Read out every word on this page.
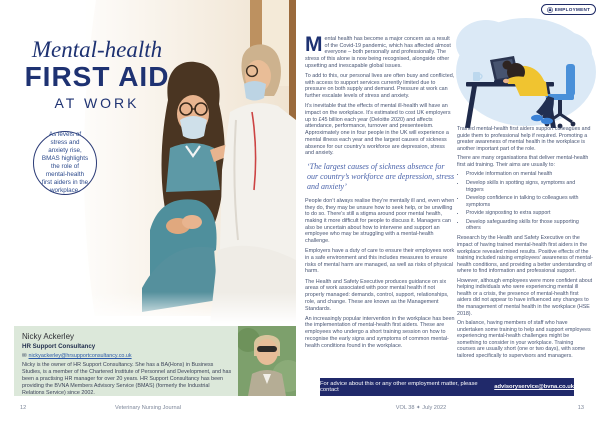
Mental-health
FIRST AID
AT WORK
As levels of stress and anxiety rise, BMAS highlights the role of mental-health first aiders in the workplace.
Nicky Ackerley
HR Support Consultancy
✉ nickyackerley@hrsupportconsultancy.co.uk

Nicky is the owner of HR Support Consultancy. She has a BA(Hons) in Business Studies, is a member of the Chartered Institute of Personnel and Development, and has been a practising HR manager for over 20 years. HR Support Consultancy has been providing the BVNA Members Advisory Service (BMAS) (formerly the Industrial Relations Service) since 2002.

12	Veterinary Nursing Journal
EMPLOYMENT

Mental health has become a major concern as a result of the Covid-19 pandemic, which has affected almost everyone – both personally and professionally. The stress of this alone is now being recognised, alongside other upsetting and inescapable global issues.

To add to this, our personal lives are often busy and conflicted, with access to support services currently limited due to pressure on both supply and demand. Pressure at work can further escalate levels of stress and anxiety.

It’s inevitable that the effects of mental ill-health will have an impact on the workplace. It’s estimated to cost UK employers up to £45 billion each year (Deloitte 2020) and affects attendance, performance, turnover and presenteeism. Approximately one in four people in the UK will experience a mental illness each year and the largest causes of sickness absence for our country’s workforce are depression, stress and anxiety.

‘The largest causes of sickness absence for our country’s workforce are depression, stress and anxiety’

People don’t always realise they’re mentally ill and, even when they do, they may be unsure how to seek help, or be unwilling to do so. There’s still a stigma around poor mental health, making it more difficult for people to discuss it. Managers can also be uncertain about how to intervene and support an employee who may be struggling with a mental-health challenge.

Employers have a duty of care to ensure their employees work in a safe environment and this includes measures to ensure risks of mental harm are managed, as well as risks of physical harm.

The Health and Safety Executive produces guidance on six areas of work associated with poor mental health if not properly managed: demands, control, support, relationships, role, and change. These are known as the Management Standards.

An increasingly popular intervention in the workplace has been the implementation of mental-health first aiders. These are employees who undergo a short training session on how to recognise the early signs and symptoms of common mental-health conditions found in the workplace.

Trained mental-health first aiders support colleagues and guide them to professional help if required. Promoting a greater awareness of mental health in the workplace is another important part of the role.

There are many organisations that deliver mental-health first aid training. Their aims are usually to:

• Provide information on mental health
• Develop skills in spotting signs, symptoms and triggers
• Develop confidence in talking to colleagues with symptoms
• Provide signposting to extra support
• Develop safeguarding skills for those supporting others

Research by the Health and Safety Executive on the impact of having trained mental-health first aiders in the workplace revealed mixed results. Positive effects of the training included raising employees’ awareness of mental-health conditions, and providing a better understanding of where to find information and professional support.

However, although employees were more confident about helping individuals who were experiencing mental ill health or a crisis, the presence of mental-health first aiders did not appear to have influenced any changes to the management of mental health in the workplace (HSE 2018).

On balance, having members of staff who have undertaken some training to help and support employees experiencing mental-health challenges might be something to consider in your workplace. Training courses are usually short (one or two days), with some tailored specifically to supervisors and managers.

For advice about this or any other employment matter, please contact	advisoryservice@bvna.co.uk
VOL 38 ✦ July 2022	13
